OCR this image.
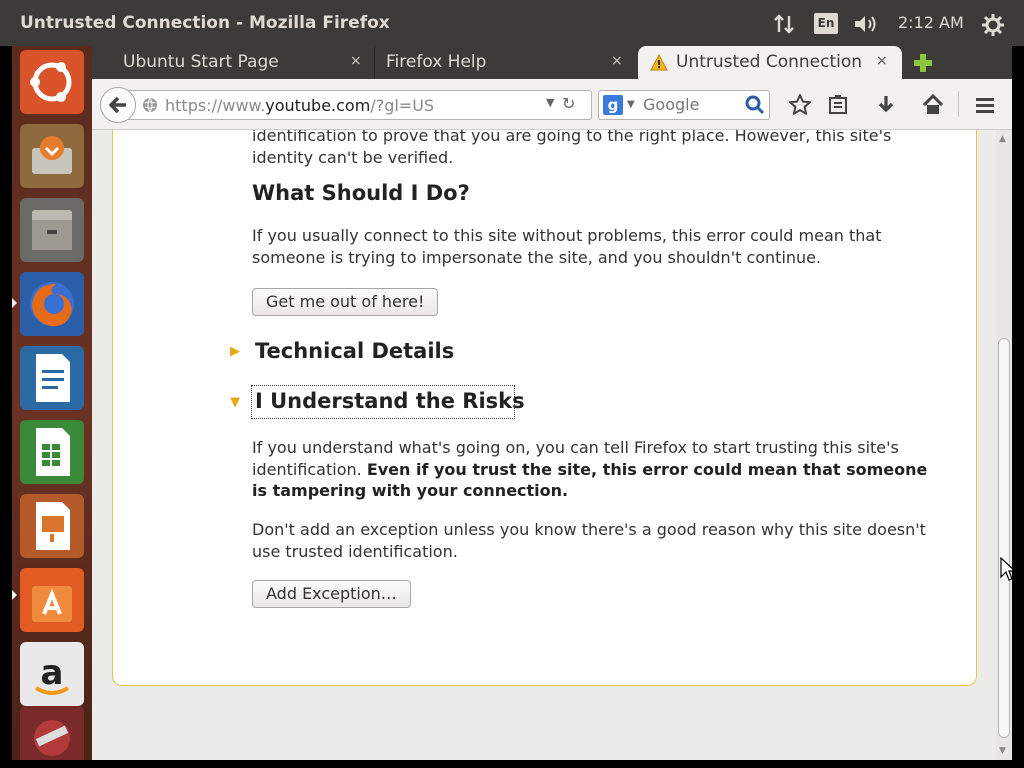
Untrusted Connection - Mozilla Firefox	En	2:12 AM
Ubuntu Start Page	× Firefox Help	×	Untrusted Connection ×
a
https://www.youtube.com/?gl=US	▼ ↻	g ▼
Google

identification to prove that you are going to the right place. However, this site's identity can't be verified.

What Should I Do?

If you usually connect to this site without problems, this error could mean that someone is trying to impersonate the site, and you shouldn't continue.

Get me out of here!
▶ Technical Details
▼ I Understand the Risks

If you understand what's going on, you can tell Firefox to start trusting this site's identification. Even if you trust the site, this error could mean that someone is tampering with your connection.

Don't add an exception unless you know there's a good reason why this site doesn't use trusted identification.

Add Exception…
▲
▼
